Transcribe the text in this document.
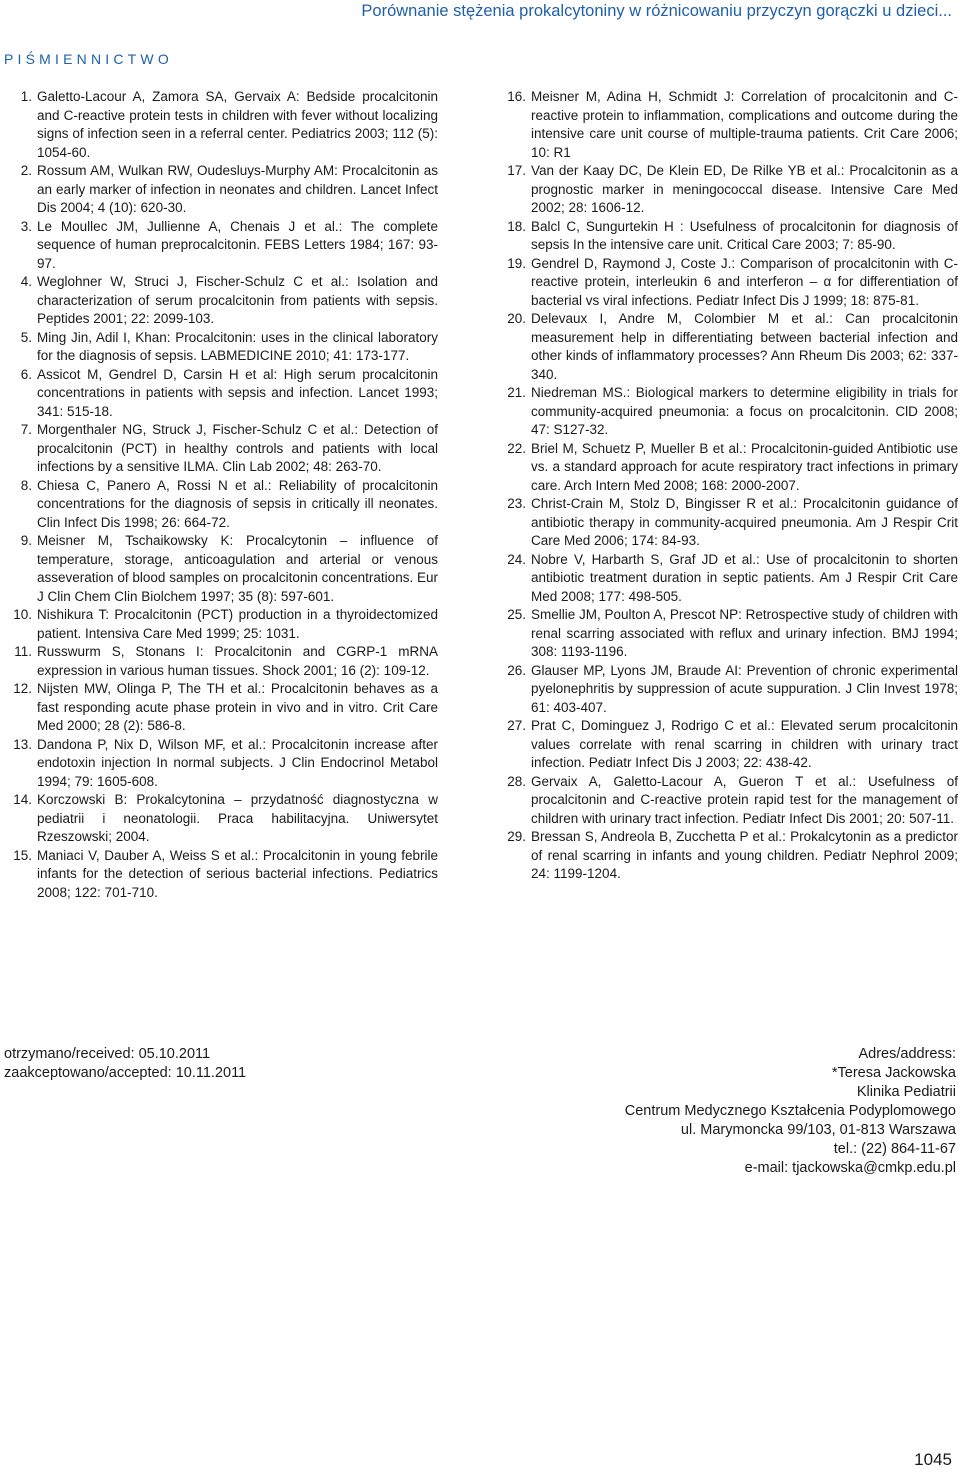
Porównanie stężenia prokalcytoniny w różnicowaniu przyczyn gorączki u dzieci...
PIŚMIENNICTWO
1. Galetto-Lacour A, Zamora SA, Gervaix A: Bedside procalcitonin and C-reactive protein tests in children with fever without localizing signs of infection seen in a referral center. Pediatrics 2003; 112 (5): 1054-60.
2. Rossum AM, Wulkan RW, Oudesluys-Murphy AM: Procalcitonin as an early marker of infection in neonates and children. Lancet Infect Dis 2004; 4 (10): 620-30.
3. Le Moullec JM, Jullienne A, Chenais J et al.: The complete sequence of human preprocalcitonin. FEBS Letters 1984; 167: 93-97.
4. Weglohner W, Struci J, Fischer-Schulz C et al.: Isolation and characterization of serum procalcitonin from patients with sepsis. Peptides 2001; 22: 2099-103.
5. Ming Jin, Adil I, Khan: Procalcitonin: uses in the clinical laboratory for the diagnosis of sepsis. LABMEDICINE 2010; 41: 173-177.
6. Assicot M, Gendrel D, Carsin H et al: High serum procalcitonin concentrations in patients with sepsis and infection. Lancet 1993; 341: 515-18.
7. Morgenthaler NG, Struck J, Fischer-Schulz C et al.: Detection of procalcitonin (PCT) in healthy controls and patients with local infections by a sensitive ILMA. Clin Lab 2002; 48: 263-70.
8. Chiesa C, Panero A, Rossi N et al.: Reliability of procalcitonin concentrations for the diagnosis of sepsis in critically ill neonates. Clin Infect Dis 1998; 26: 664-72.
9. Meisner M, Tschaikowsky K: Procalcytonin – influence of temperature, storage, anticoagulation and arterial or venous asseveration of blood samples on procalcitonin concentrations. Eur J Clin Chem Clin Biolchem 1997; 35 (8): 597-601.
10. Nishikura T: Procalcitonin (PCT) production in a thyroidectomized patient. Intensiva Care Med 1999; 25: 1031.
11. Russwurm S, Stonans I: Procalcitonin and CGRP-1 mRNA expression in various human tissues. Shock 2001; 16 (2): 109-12.
12. Nijsten MW, Olinga P, The TH et al.: Procalcitonin behaves as a fast responding acute phase protein in vivo and in vitro. Crit Care Med 2000; 28 (2): 586-8.
13. Dandona P, Nix D, Wilson MF, et al.: Procalcitonin increase after endotoxin injection In normal subjects. J Clin Endocrinol Metabol 1994; 79: 1605-608.
14. Korczowski B: Prokalcytonina – przydatność diagnostyczna w pediatrii i neonatologii. Praca habilitacyjna. Uniwersytet Rzeszowski; 2004.
15. Maniaci V, Dauber A, Weiss S et al.: Procalcitonin in young febrile infants for the detection of serious bacterial infections. Pediatrics 2008; 122: 701-710.
16. Meisner M, Adina H, Schmidt J: Correlation of procalcitonin and C-reactive protein to inflammation, complications and outcome during the intensive care unit course of multiple-trauma patients. Crit Care 2006; 10: R1
17. Van der Kaay DC, De Klein ED, De Rilke YB et al.: Procalcitonin as a prognostic marker in meningococcal disease. Intensive Care Med 2002; 28: 1606-12.
18. Balcl C, Sungurtekin H : Usefulness of procalcitonin for diagnosis of sepsis In the intensive care unit. Critical Care 2003; 7: 85-90.
19. Gendrel D, Raymond J, Coste J.: Comparison of procalcitonin with C-reactive protein, interleukin 6 and interferon – α for differentiation of bacterial vs viral infections. Pediatr Infect Dis J 1999; 18: 875-81.
20. Delevaux I, Andre M, Colombier M et al.: Can procalcitonin measurement help in differentiating between bacterial infection and other kinds of inflammatory processes? Ann Rheum Dis 2003; 62: 337-340.
21. Niedreman MS.: Biological markers to determine eligibility in trials for community-acquired pneumonia: a focus on procalcitonin. ClD 2008; 47: S127-32.
22. Briel M, Schuetz P, Mueller B et al.: Procalcitonin-guided Antibiotic use vs. a standard approach for acute respiratory tract infections in primary care. Arch Intern Med 2008; 168: 2000-2007.
23. Christ-Crain M, Stolz D, Bingisser R et al.: Procalcitonin guidance of antibiotic therapy in community-acquired pneumonia. Am J Respir Crit Care Med 2006; 174: 84-93.
24. Nobre V, Harbarth S, Graf JD et al.: Use of procalcitonin to shorten antibiotic treatment duration in septic patients. Am J Respir Crit Care Med 2008; 177: 498-505.
25. Smellie JM, Poulton A, Prescot NP: Retrospective study of children with renal scarring associated with reflux and urinary infection. BMJ 1994; 308: 1193-1196.
26. Glauser MP, Lyons JM, Braude AI: Prevention of chronic experimental pyelonephritis by suppression of acute suppuration. J Clin Invest 1978; 61: 403-407.
27. Prat C, Dominguez J, Rodrigo C et al.: Elevated serum procalcitonin values correlate with renal scarring in children with urinary tract infection. Pediatr Infect Dis J 2003; 22: 438-42.
28. Gervaix A, Galetto-Lacour A, Gueron T et al.: Usefulness of procalcitonin and C-reactive protein rapid test for the management of children with urinary tract infection. Pediatr Infect Dis 2001; 20: 507-11.
29. Bressan S, Andreola B, Zucchetta P et al.: Prokalcytonin as a predictor of renal scarring in infants and young children. Pediatr Nephrol 2009; 24: 1199-1204.
otrzymano/received: 05.10.2011
zaakceptowano/accepted: 10.11.2011
Adres/address:
*Teresa Jackowska
Klinika Pediatrii
Centrum Medycznego Kształcenia Podyplomowego
ul. Marymoncka 99/103, 01-813 Warszawa
tel.: (22) 864-11-67
e-mail: tjackowska@cmkp.edu.pl
1045
